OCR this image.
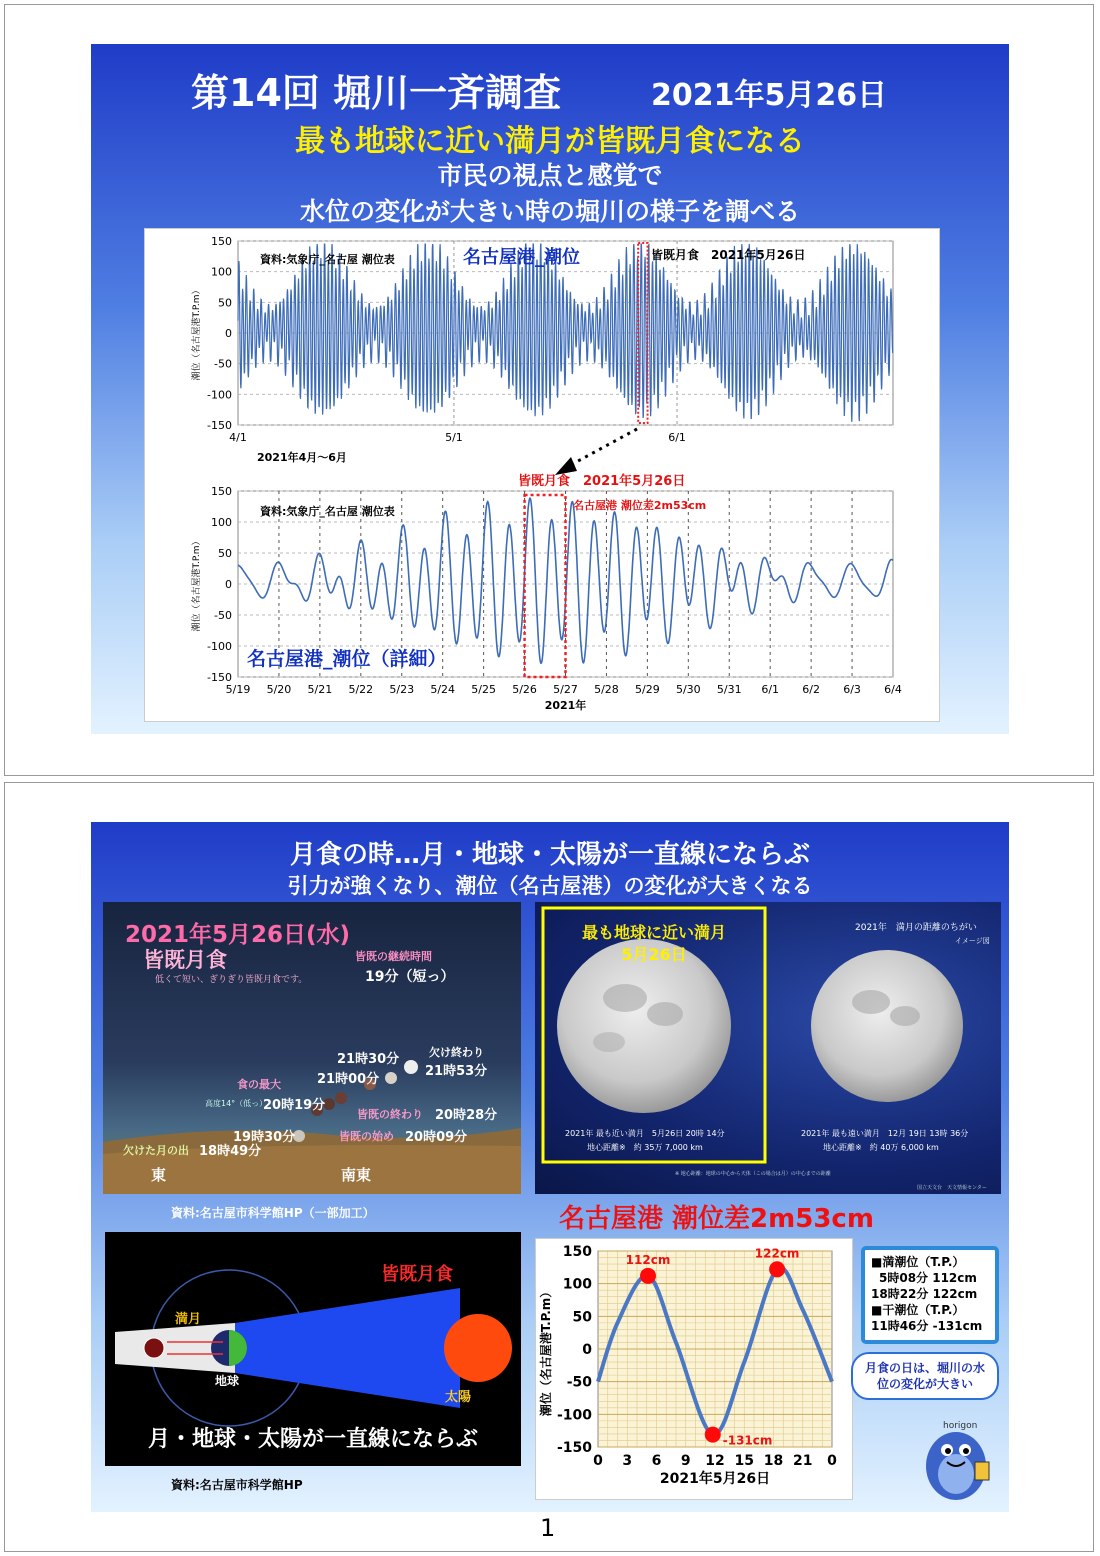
第14回 堀川一斉調査	2021年5月26日
最も地球に近い満月が皆既月食になる
市民の視点と感覚で
水位の変化が大きい時の堀川の様子を調べる
150
100
50
0
-50
-100
-150
4/1	5/1	6/1
資料:気象庁_名古屋 潮位表	名古屋港_潮位	皆既月食　2021年5月26日
潮位（名古屋港T.P.m）
2021年4月～6月
150
100
50
0
-50
-100
-150
5/19 5/20 5/21 5/22 5/23 5/24 5/25 5/26 5/27 5/28 5/29 5/30 5/31 6/1 6/2 6/3 6/4
資料:気象庁_名古屋 潮位表
皆既月食　2021年5月26日
名古屋港 潮位差2m53cm
名古屋港_潮位（詳細）
潮位（名古屋港T.P.m）
2021年
月食の時…月・地球・太陽が一直線にならぶ
引力が強くなり、潮位（名古屋港）の変化が大きくなる
2021年5月26日(水)
皆既月食
低くて短い、ぎりぎり皆既月食です。
皆既の継続時間
19分（短っ）
欠け終わり
21時53分
21時30分
21時00分
食の最大
20時19分
高度14°（低っ）
皆既の終わり 20時28分
19時30分	皆既の始め 20時09分
欠けた月の出 18時49分
東	南東
最も地球に近い満月
5月26日
2021年　満月の距離のちがい
イメージ図
2021年 最も近い満月　5月26日 20時 14分
地心距離※　約 35万 7,000 km
2021年 最も遠い満月　12月 19日 13時 36分
地心距離※　約 40万 6,000 km
※ 地心距離：地球の中心から天体（この場合は月）の中心までの距離
国立天文台　天文情報センター
資料:名古屋市科学館HP（一部加工）
皆既月食
満月
地球
太陽
月・地球・太陽が一直線にならぶ
資料:名古屋市科学館HP
名古屋港 潮位差2m53cm
150
100
50
0
-50
-100
-150
0 3 6 9 12 15 18 21 0
112cm
-131cm
122cm
潮位（名古屋港T.P.m）
2021年5月26日
■満潮位（T.P.）
5時08分 112cm
18時22分 122cm
■干潮位（T.P.）
11時46分 -131cm
月食の日は、堀川の水位の変化が大きい
horigon
1
